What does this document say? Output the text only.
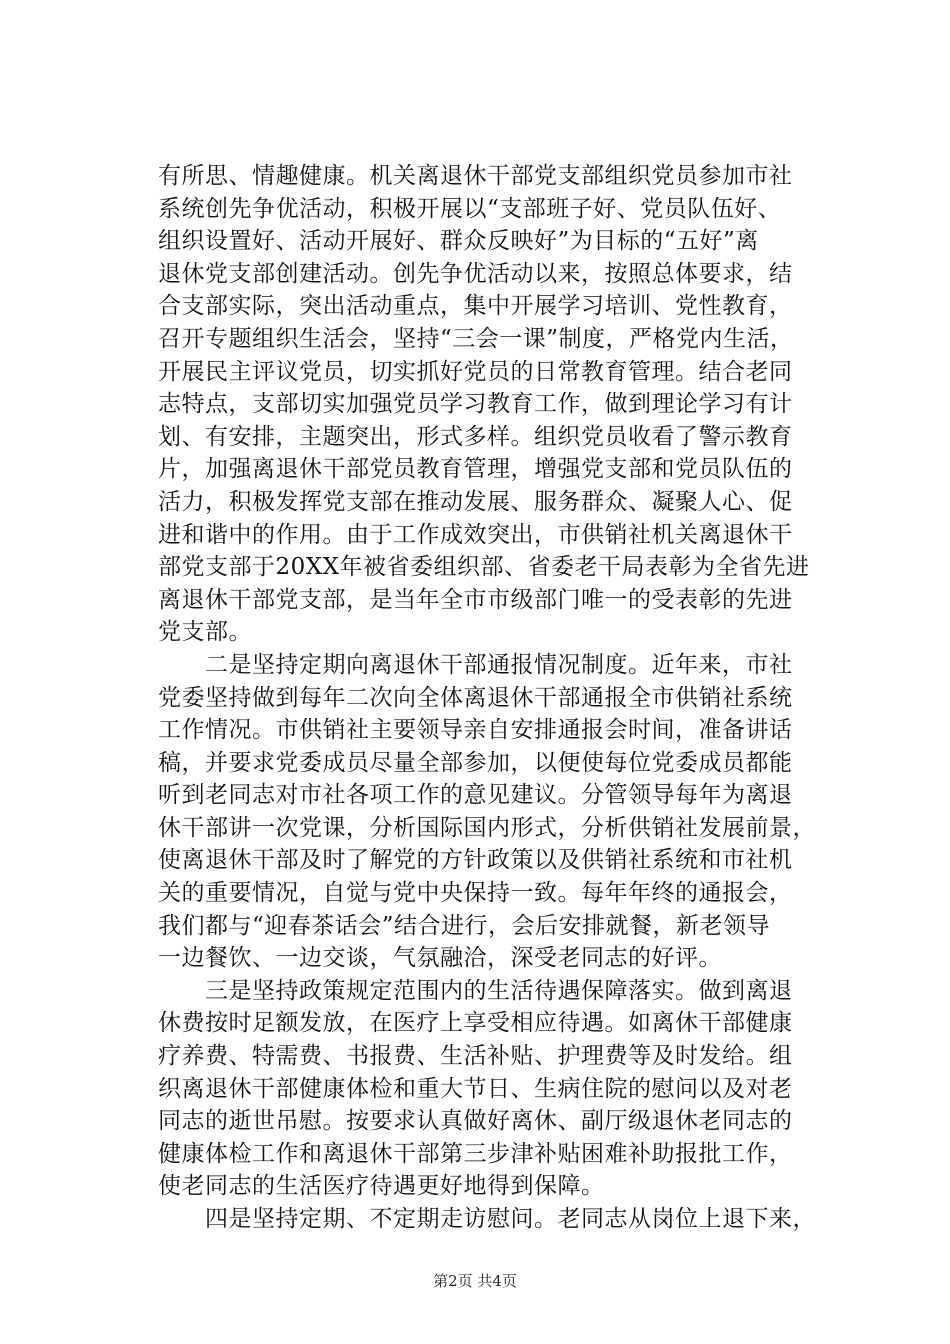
有所思、情趣健康。机关离退休干部党支部组织党员参加市社
系统创先争优活动，积极开展以“支部班子好、党员队伍好、
组织设置好、活动开展好、群众反映好”为目标的“五好”离
退休党支部创建活动。创先争优活动以来，按照总体要求，结
合支部实际，突出活动重点，集中开展学习培训、党性教育，
召开专题组织生活会，坚持“三会一课”制度，严格党内生活，
开展民主评议党员，切实抓好党员的日常教育管理。结合老同
志特点，支部切实加强党员学习教育工作，做到理论学习有计
划、有安排，主题突出，形式多样。组织党员收看了警示教育
片，加强离退休干部党员教育管理，增强党支部和党员队伍的
活力，积极发挥党支部在推动发展、服务群众、凝聚人心、促
进和谐中的作用。由于工作成效突出，市供销社机关离退休干
部党支部于20XX年被省委组织部、省委老干局表彰为全省先进
离退休干部党支部，是当年全市市级部门唯一的受表彰的先进
党支部。
　　二是坚持定期向离退休干部通报情况制度。近年来，市社
党委坚持做到每年二次向全体离退休干部通报全市供销社系统
工作情况。市供销社主要领导亲自安排通报会时间，准备讲话
稿，并要求党委成员尽量全部参加，以便使每位党委成员都能
听到老同志对市社各项工作的意见建议。分管领导每年为离退
休干部讲一次党课，分析国际国内形式，分析供销社发展前景，
使离退休干部及时了解党的方针政策以及供销社系统和市社机
关的重要情况，自觉与党中央保持一致。每年年终的通报会，
我们都与“迎春茶话会”结合进行，会后安排就餐，新老领导
一边餐饮、一边交谈，气氛融洽，深受老同志的好评。
　　三是坚持政策规定范围内的生活待遇保障落实。做到离退
休费按时足额发放，在医疗上享受相应待遇。如离休干部健康
疗养费、特需费、书报费、生活补贴、护理费等及时发给。组
织离退休干部健康体检和重大节日、生病住院的慰问以及对老
同志的逝世吊慰。按要求认真做好离休、副厅级退休老同志的
健康体检工作和离退休干部第三步津补贴困难补助报批工作，
使老同志的生活医疗待遇更好地得到保障。
　　四是坚持定期、不定期走访慰问。老同志从岗位上退下来，
第2页 共4页
